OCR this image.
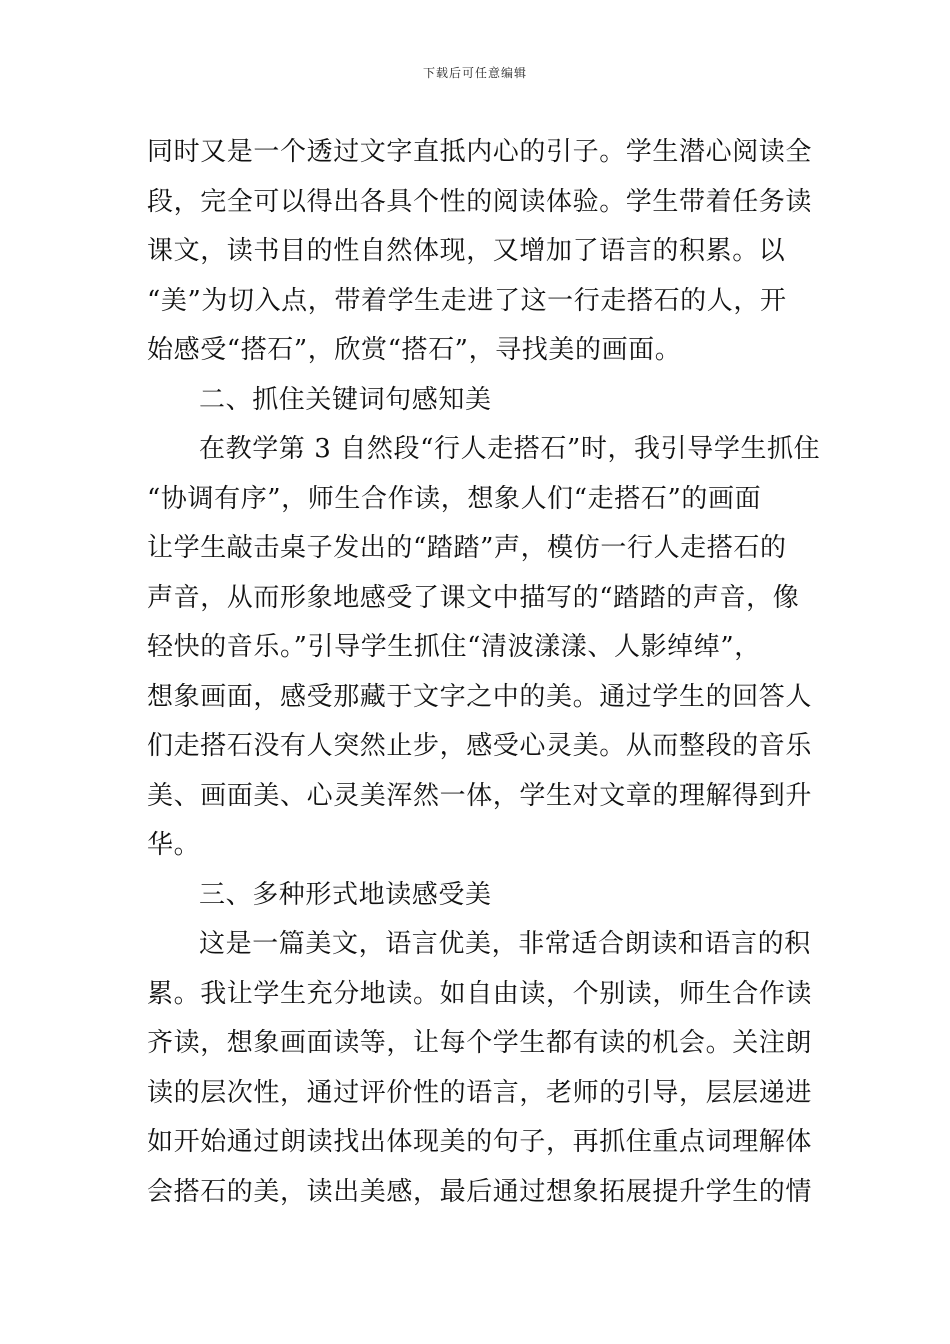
下载后可任意编辑
同时又是一个透过文字直抵内心的引子。学生潜心阅读全
段，完全可以得出各具个性的阅读体验。学生带着任务读
课文，读书目的性自然体现，又增加了语言的积累。以
“美”为切入点，带着学生走进了这一行走搭石的人，开
始感受“搭石”，欣赏“搭石”，寻找美的画面。
二、抓住关键词句感知美
在教学第 3 自然段“行人走搭石”时，我引导学生抓住
“协调有序”，师生合作读，想象人们“走搭石”的画面
让学生敲击桌子发出的“踏踏”声，模仿一行人走搭石的
声音，从而形象地感受了课文中描写的“踏踏的声音，像
轻快的音乐。”引导学生抓住“清波漾漾、人影绰绰”，
想象画面，感受那藏于文字之中的美。通过学生的回答人
们走搭石没有人突然止步，感受心灵美。从而整段的音乐
美、画面美、心灵美浑然一体，学生对文章的理解得到升
华。
三、多种形式地读感受美
这是一篇美文，语言优美，非常适合朗读和语言的积
累。我让学生充分地读。如自由读，个别读，师生合作读
齐读，想象画面读等，让每个学生都有读的机会。关注朗
读的层次性，通过评价性的语言，老师的引导，层层递进
如开始通过朗读找出体现美的句子，再抓住重点词理解体
会搭石的美，读出美感，最后通过想象拓展提升学生的情
